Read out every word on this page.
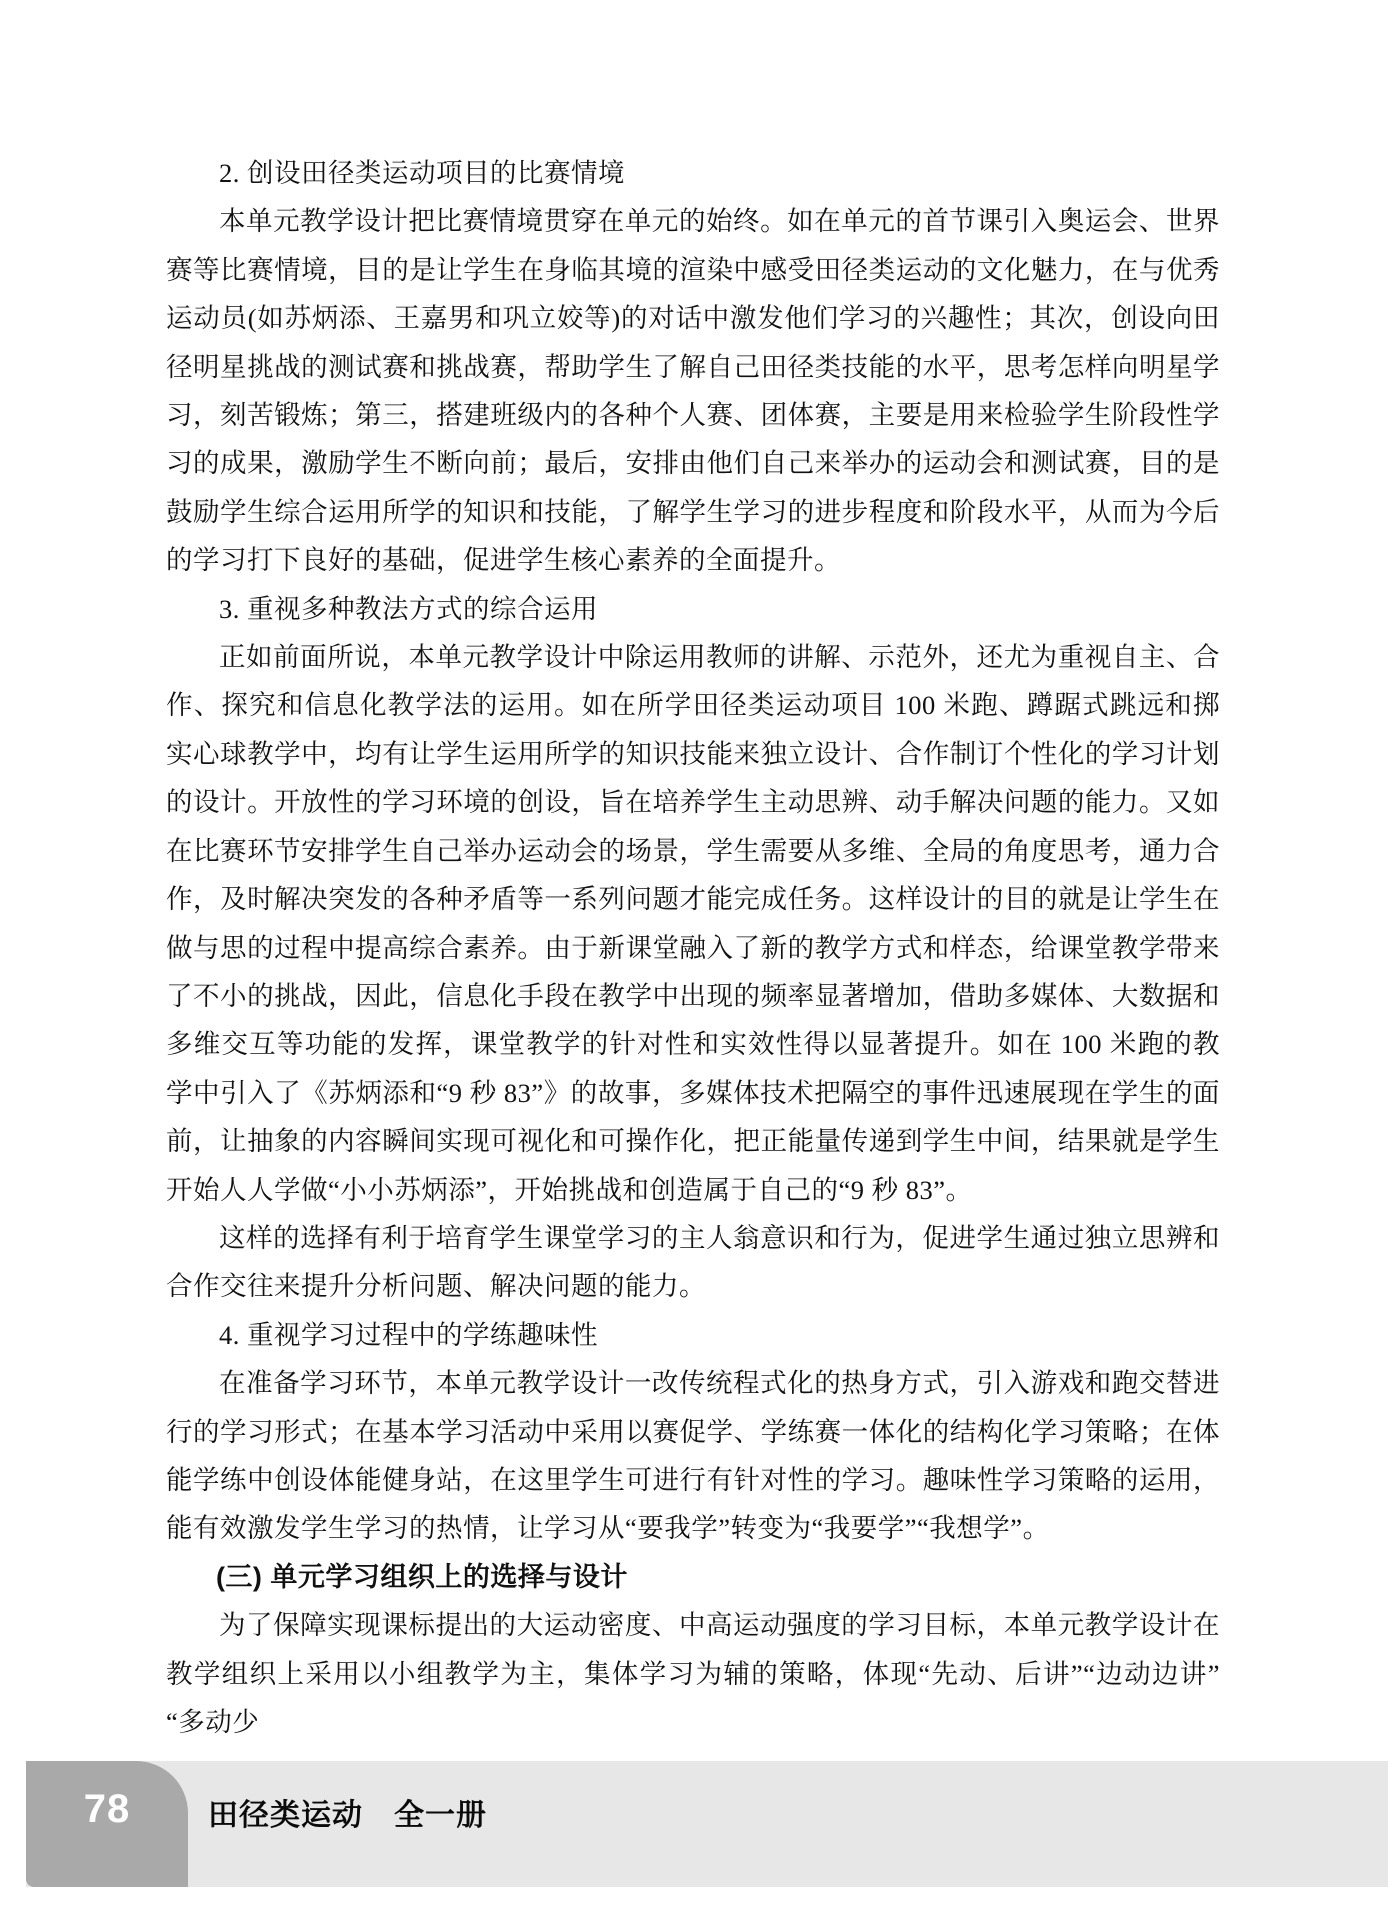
2. 创设田径类运动项目的比赛情境

本单元教学设计把比赛情境贯穿在单元的始终。如在单元的首节课引入奥运会、世界赛等比赛情境，目的是让学生在身临其境的渲染中感受田径类运动的文化魅力，在与优秀运动员(如苏炳添、王嘉男和巩立姣等)的对话中激发他们学习的兴趣性；其次，创设向田径明星挑战的测试赛和挑战赛，帮助学生了解自己田径类技能的水平，思考怎样向明星学习，刻苦锻炼；第三，搭建班级内的各种个人赛、团体赛，主要是用来检验学生阶段性学习的成果，激励学生不断向前；最后，安排由他们自己来举办的运动会和测试赛，目的是鼓励学生综合运用所学的知识和技能，了解学生学习的进步程度和阶段水平，从而为今后的学习打下良好的基础，促进学生核心素养的全面提升。

3. 重视多种教法方式的综合运用

正如前面所说，本单元教学设计中除运用教师的讲解、示范外，还尤为重视自主、合作、探究和信息化教学法的运用。如在所学田径类运动项目 100 米跑、蹲踞式跳远和掷实心球教学中，均有让学生运用所学的知识技能来独立设计、合作制订个性化的学习计划的设计。开放性的学习环境的创设，旨在培养学生主动思辨、动手解决问题的能力。又如在比赛环节安排学生自己举办运动会的场景，学生需要从多维、全局的角度思考，通力合作，及时解决突发的各种矛盾等一系列问题才能完成任务。这样设计的目的就是让学生在做与思的过程中提高综合素养。由于新课堂融入了新的教学方式和样态，给课堂教学带来了不小的挑战，因此，信息化手段在教学中出现的频率显著增加，借助多媒体、大数据和多维交互等功能的发挥，课堂教学的针对性和实效性得以显著提升。如在 100 米跑的教学中引入了《苏炳添和“9 秒 83”》的故事，多媒体技术把隔空的事件迅速展现在学生的面前，让抽象的内容瞬间实现可视化和可操作化，把正能量传递到学生中间，结果就是学生开始人人学做“小小苏炳添”，开始挑战和创造属于自己的“9 秒 83”。

这样的选择有利于培育学生课堂学习的主人翁意识和行为，促进学生通过独立思辨和合作交往来提升分析问题、解决问题的能力。

4. 重视学习过程中的学练趣味性

在准备学习环节，本单元教学设计一改传统程式化的热身方式，引入游戏和跑交替进行的学习形式；在基本学习活动中采用以赛促学、学练赛一体化的结构化学习策略；在体能学练中创设体能健身站，在这里学生可进行有针对性的学习。趣味性学习策略的运用，能有效激发学生学习的热情，让学习从“要我学”转变为“我要学”“我想学”。

(三) 单元学习组织上的选择与设计

为了保障实现课标提出的大运动密度、中高运动强度的学习目标，本单元教学设计在教学组织上采用以小组教学为主，集体学习为辅的策略，体现“先动、后讲”“边动边讲”“多动少

78	田径类运动　全一册
